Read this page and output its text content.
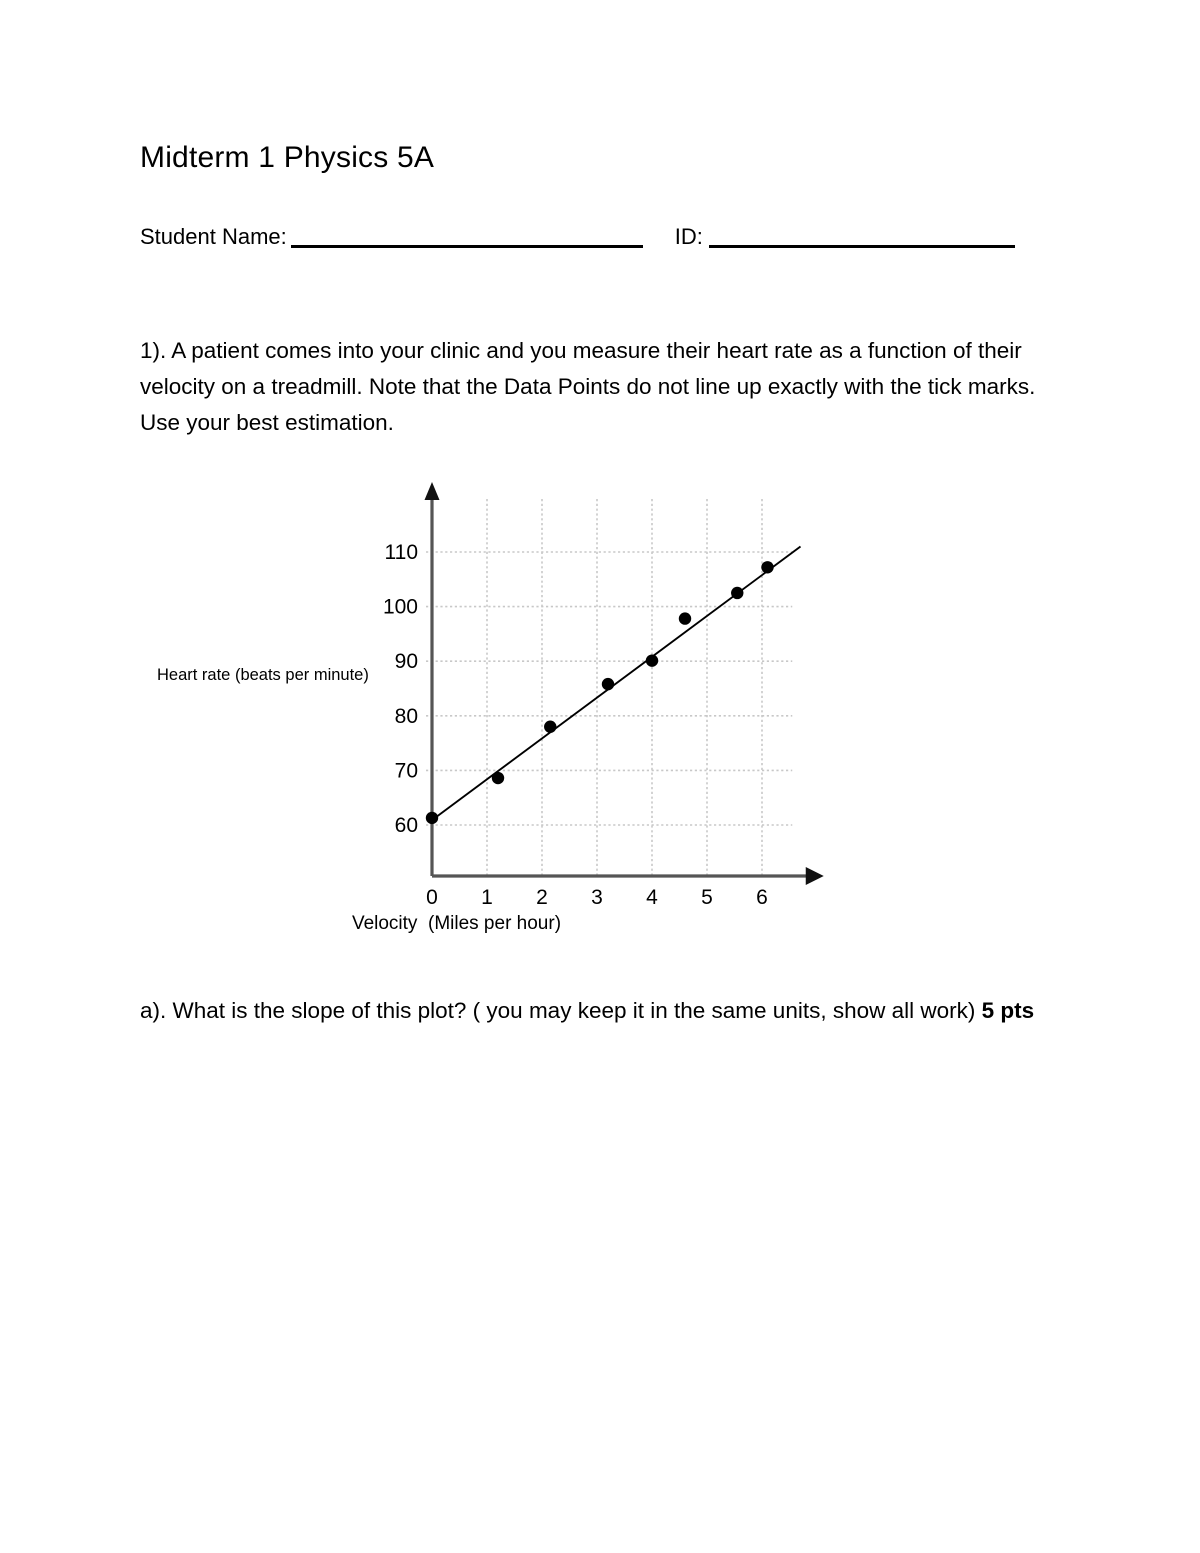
Midterm 1 Physics 5A
Student Name:	ID:
1). A patient comes into your clinic and you measure their heart rate as a function of their velocity on a treadmill. Note that the Data Points do not line up exactly with the tick marks. Use your best estimation.
Heart rate (beats per minute)
60
70
80
90
100
110
0 1 2 3 4 5 6
Velocity  (Miles per hour)
a). What is the slope of this plot? ( you may keep it in the same units, show all work) 5 pts
